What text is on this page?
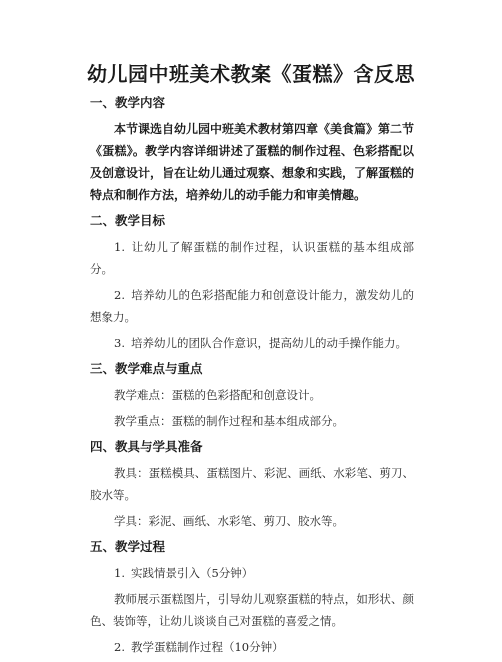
幼儿园中班美术教案《蛋糕》含反思
一、教学内容

本节课选自幼儿园中班美术教材第四章《美食篇》第二节《蛋糕》。教学内容详细讲述了蛋糕的制作过程、色彩搭配以及创意设计，旨在让幼儿通过观察、想象和实践，了解蛋糕的特点和制作方法，培养幼儿的动手能力和审美情趣。

二、教学目标

1. 让幼儿了解蛋糕的制作过程，认识蛋糕的基本组成部分。

2. 培养幼儿的色彩搭配能力和创意设计能力，激发幼儿的想象力。

3. 培养幼儿的团队合作意识，提高幼儿的动手操作能力。

三、教学难点与重点

教学难点：蛋糕的色彩搭配和创意设计。

教学重点：蛋糕的制作过程和基本组成部分。

四、教具与学具准备

教具：蛋糕模具、蛋糕图片、彩泥、画纸、水彩笔、剪刀、胶水等。

学具：彩泥、画纸、水彩笔、剪刀、胶水等。

五、教学过程

1. 实践情景引入（5分钟）

教师展示蛋糕图片，引导幼儿观察蛋糕的特点，如形状、颜色、装饰等，让幼儿谈谈自己对蛋糕的喜爱之情。

2. 教学蛋糕制作过程（10分钟）
